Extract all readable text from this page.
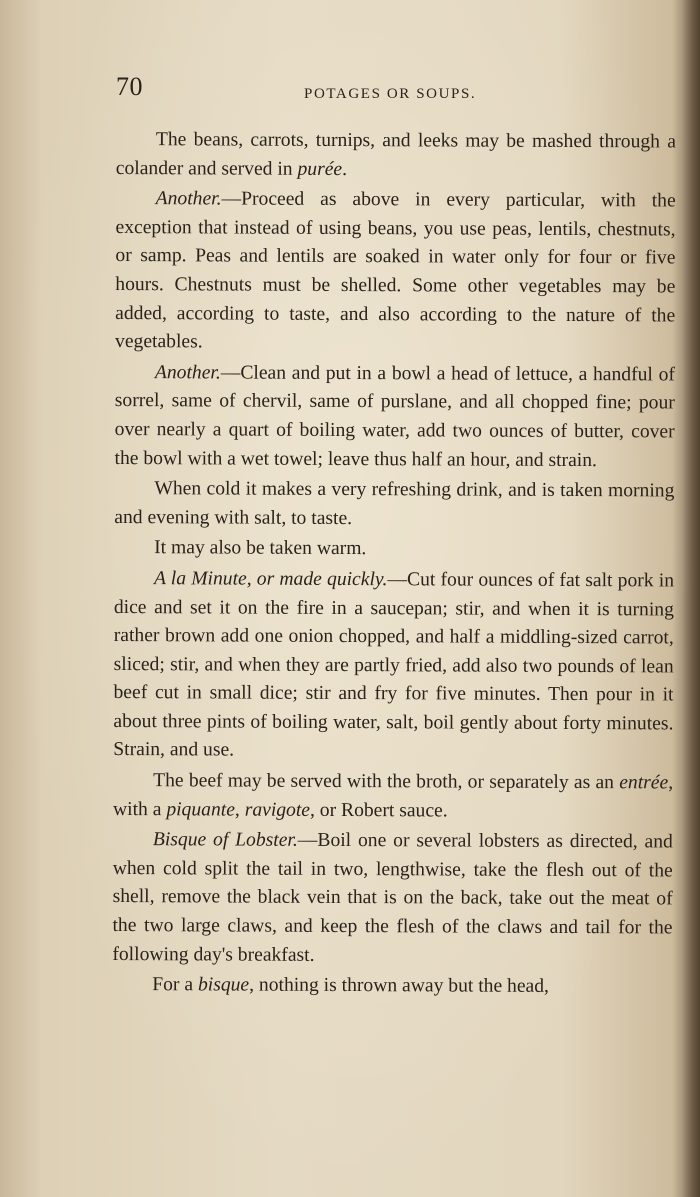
70	POTAGES OR SOUPS.

The beans, carrots, turnips, and leeks may be mashed through a colander and served in purée.

Another.—Proceed as above in every particular, with the exception that instead of using beans, you use peas, lentils, chestnuts, or samp. Peas and lentils are soaked in water only for four or five hours. Chestnuts must be shelled. Some other vegetables may be added, according to taste, and also according to the nature of the vegetables.

Another.—Clean and put in a bowl a head of lettuce, a handful of sorrel, same of chervil, same of purslane, and all chopped fine; pour over nearly a quart of boiling water, add two ounces of butter, cover the bowl with a wet towel; leave thus half an hour, and strain.

When cold it makes a very refreshing drink, and is taken morning and evening with salt, to taste.

It may also be taken warm.

A la Minute, or made quickly.—Cut four ounces of fat salt pork in dice and set it on the fire in a saucepan; stir, and when it is turning rather brown add one onion chopped, and half a middling-sized carrot, sliced; stir, and when they are partly fried, add also two pounds of lean beef cut in small dice; stir and fry for five minutes. Then pour in it about three pints of boiling water, salt, boil gently about forty minutes. Strain, and use.

The beef may be served with the broth, or separately as an entrée, with a piquante, ravigote, or Robert sauce.

Bisque of Lobster.—Boil one or several lobsters as directed, and when cold split the tail in two, lengthwise, take the flesh out of the shell, remove the black vein that is on the back, take out the meat of the two large claws, and keep the flesh of the claws and tail for the following day's breakfast.

For a bisque, nothing is thrown away but the head,
